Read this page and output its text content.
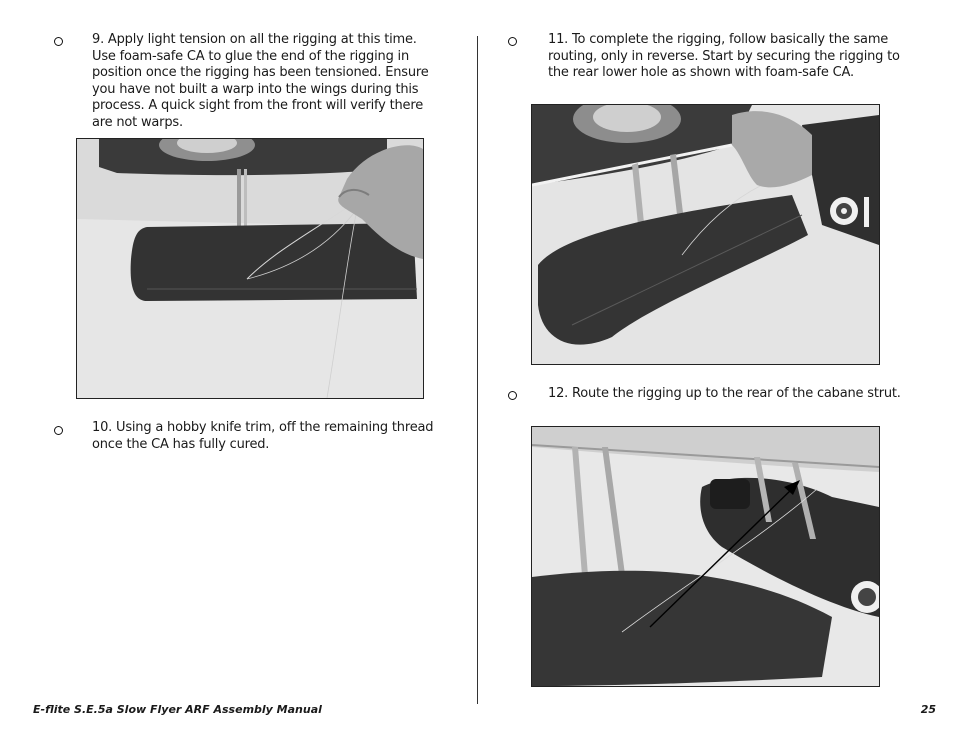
9. Apply light tension on all the rigging at this time. Use foam-safe CA to glue the end of the rigging in position once the rigging has been tensioned. Ensure you have not built a warp into the wings during this process. A quick sight from the front will verify there are not warps.
10. Using a hobby knife trim, off the remaining thread once the CA has fully cured.
11. To complete the rigging, follow basically the same routing, only in reverse. Start by securing the rigging to the rear lower hole as shown with foam-safe CA.
12. Route the rigging up to the rear of the cabane strut.
E-flite S.E.5a Slow Flyer ARF Assembly Manual	25
